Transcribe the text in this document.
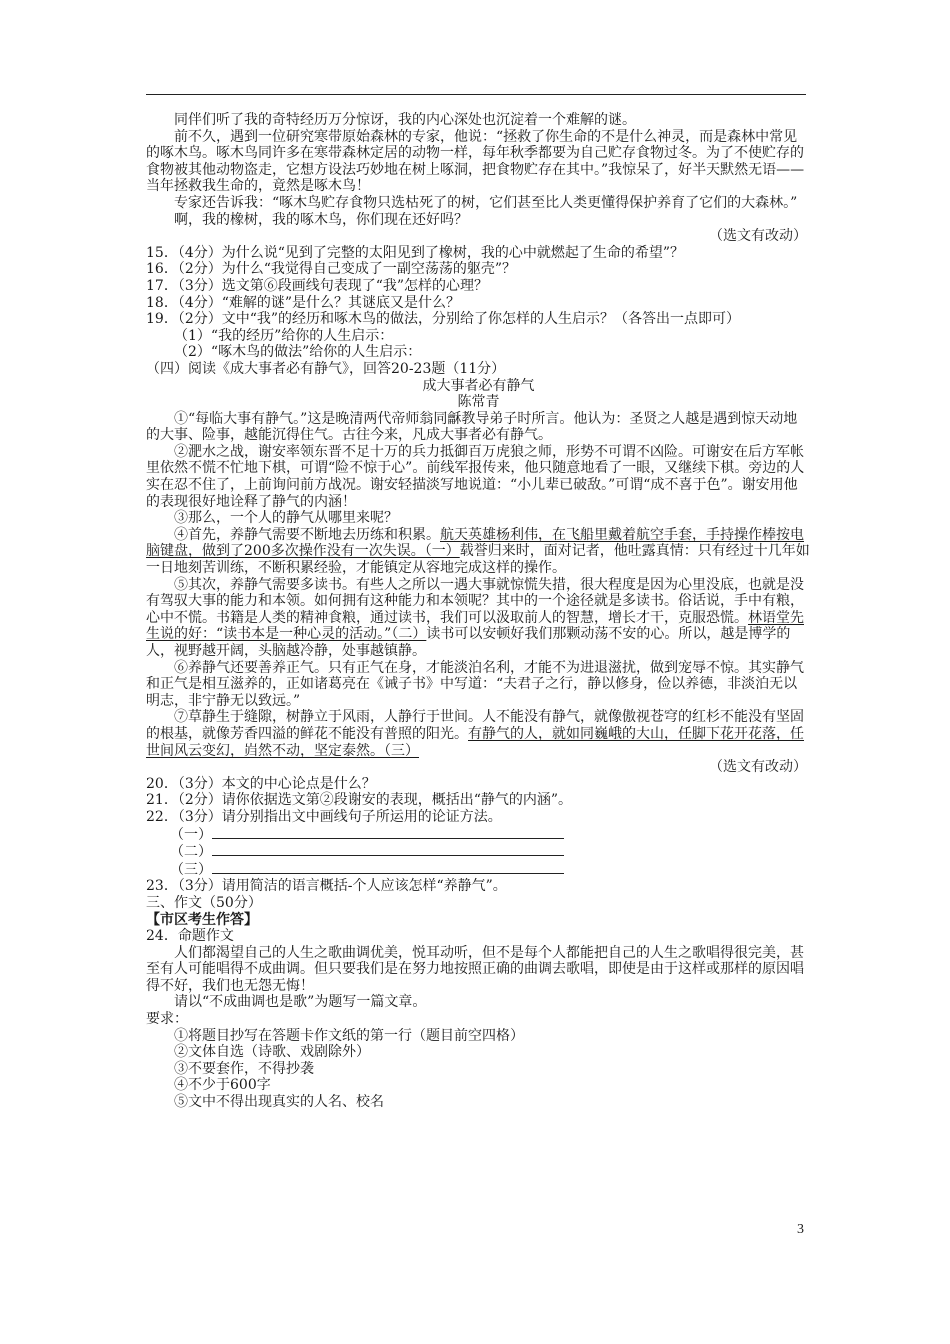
同伴们听了我的奇特经历万分惊讶，我的内心深处也沉淀着一个难解的谜。

前不久，遇到一位研究寒带原始森林的专家，他说：“拯救了你生命的不是什么神灵，而是森林中常见的啄木鸟。啄木鸟同许多在寒带森林定居的动物一样，每年秋季都要为自己贮存食物过冬。为了不使贮存的食物被其他动物盗走，它想方设法巧妙地在树上啄洞，把食物贮存在其中。”我惊呆了，好半天默然无语——当年拯救我生命的，竟然是啄木鸟！

专家还告诉我：“啄木鸟贮存食物只选枯死了的树，它们甚至比人类更懂得保护养育了它们的大森林。”

啊，我的橡树，我的啄木鸟，你们现在还好吗？

（选文有改动）

15．（4分）为什么说“见到了完整的太阳见到了橡树，我的心中就燃起了生命的希望”？

16．（2分）为什么“我觉得自己变成了一副空荡荡的躯壳”？

17．（3分）选文第⑥段画线句表现了“我”怎样的心理？

18．（4分）“难解的谜”是什么？其谜底又是什么？

19．（2分）文中“我”的经历和啄木鸟的做法，分别给了你怎样的人生启示？（各答出一点即可）

（1）“我的经历”给你的人生启示：

（2）“啄木鸟的做法”给你的人生启示：

（四）阅读《成大事者必有静气》，回答20-23题（11分）

成大事者必有静气

陈常青

①“每临大事有静气。”这是晚清两代帝师翁同龢教导弟子时所言。他认为：圣贤之人越是遇到惊天动地的大事、险事，越能沉得住气。古往今来，凡成大事者必有静气。

②淝水之战，谢安率领东晋不足十万的兵力抵御百万虎狼之师，形势不可谓不凶险。可谢安在后方军帐里依然不慌不忙地下棋，可谓“险不惊于心”。前线军报传来，他只随意地看了一眼，又继续下棋。旁边的人实在忍不住了，上前询问前方战况。谢安轻描淡写地说道：“小儿辈已破敌。”可谓“成不喜于色”。谢安用他的表现很好地诠释了静气的内涵！

③那么，一个人的静气从哪里来呢？

④首先，养静气需要不断地去历练和积累。航天英雄杨利伟，在飞船里戴着航空手套，手持操作棒按电脑键盘，做到了200多次操作没有一次失误。（一）载誉归来时，面对记者，他吐露真情：只有经过十几年如一日地刻苦训练，不断积累经验，才能镇定从容地完成这样的操作。

⑤其次，养静气需要多读书。有些人之所以一遇大事就惊慌失措，很大程度是因为心里没底，也就是没有驾驭大事的能力和本领。如何拥有这种能力和本领呢？其中的一个途径就是多读书。俗话说，手中有粮，心中不慌。书籍是人类的精神食粮，通过读书，我们可以汲取前人的智慧，增长才干，克服恐慌。林语堂先生说的好：“读书本是一种心灵的活动。”（二）读书可以安顿好我们那颗动荡不安的心。所以，越是博学的人，视野越开阔，头脑越冷静，处事越镇静。

⑥养静气还要善养正气。只有正气在身，才能淡泊名利，才能不为进退滋扰，做到宠辱不惊。其实静气和正气是相互滋养的，正如诸葛亮在《诫子书》中写道：“夫君子之行，静以修身，俭以养德，非淡泊无以明志，非宁静无以致远。”

⑦草静生于缝隙，树静立于风雨，人静行于世间。人不能没有静气，就像傲视苍穹的红杉不能没有坚固的根基，就像芳香四溢的鲜花不能没有普照的阳光。有静气的人，就如同巍峨的大山，任脚下花开花落，任世间风云变幻，岿然不动，坚定泰然。（三）

（选文有改动）

20．（3分）本文的中心论点是什么？

21．（2分）请你依据选文第②段谢安的表现，概括出“静气的内涵”。

22．（3分）请分别指出文中画线句子所运用的论证方法。

（一）

（二）

（三）

23．（3分）请用简洁的语言概括-个人应该怎样“养静气”。

三、作文（50分）

【市区考生作答】

24．命题作文

人们都渴望自己的人生之歌曲调优美，悦耳动听，但不是每个人都能把自己的人生之歌唱得很完美，甚至有人可能唱得不成曲调。但只要我们是在努力地按照正确的曲调去歌唱，即使是由于这样或那样的原因唱得不好，我们也无怨无悔！

请以“不成曲调也是歌”为题写一篇文章。

要求：

①将题目抄写在答题卡作文纸的第一行（题目前空四格）

②文体自选（诗歌、戏剧除外）

③不要套作，不得抄袭

④不少于600字

⑤文中不得出现真实的人名、校名

3
